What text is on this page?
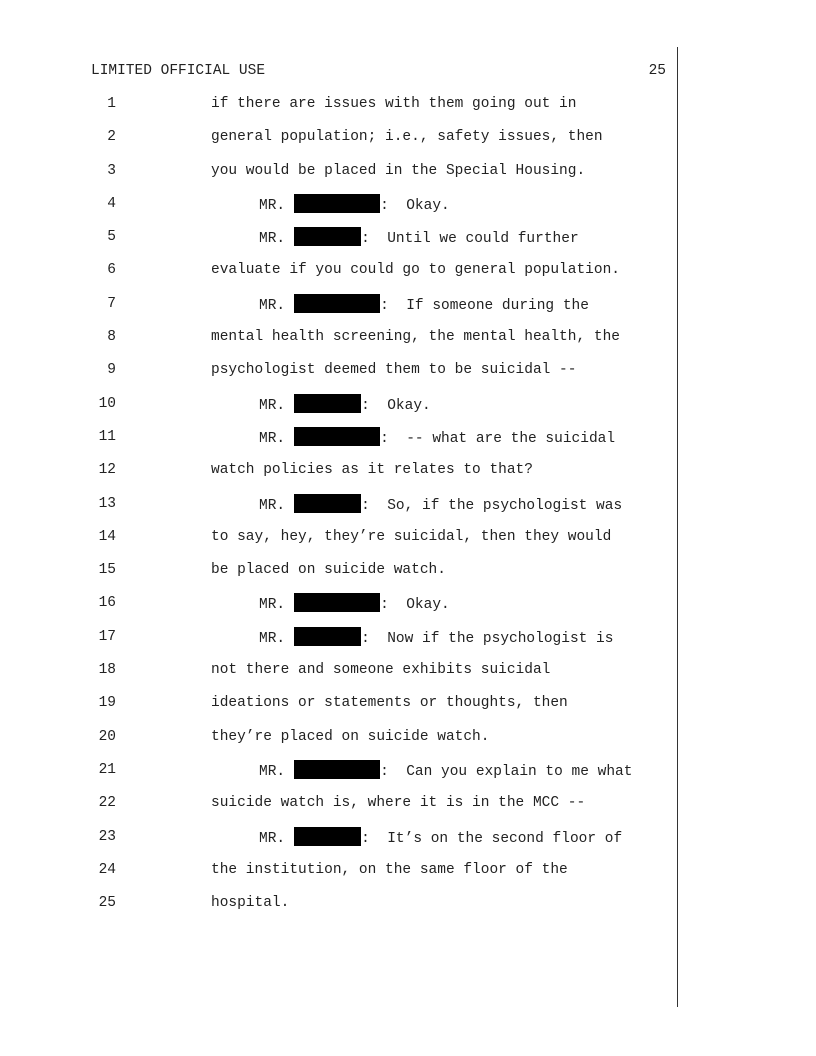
LIMITED OFFICIAL USE	25
1	if there are issues with them going out in
2	general population; i.e., safety issues, then
3	you would be placed in the Special Housing.
4	MR.	:  Okay.
5	MR.	:  Until we could further
6	evaluate if you could go to general population.
7	MR.	:  If someone during the
8	mental health screening, the mental health, the
9	psychologist deemed them to be suicidal --
10	MR.	:  Okay.
11	MR.	:  -- what are the suicidal
12	watch policies as it relates to that?
13	MR.	:  So, if the psychologist was
14	to say, hey, they’re suicidal, then they would
15	be placed on suicide watch.
16	MR.	:  Okay.
17	MR.	:  Now if the psychologist is
18	not there and someone exhibits suicidal
19	ideations or statements or thoughts, then
20	they’re placed on suicide watch.
21	MR.	:  Can you explain to me what
22	suicide watch is, where it is in the MCC --
23	MR.	:  It’s on the second floor of
24	the institution, on the same floor of the
25	hospital.
